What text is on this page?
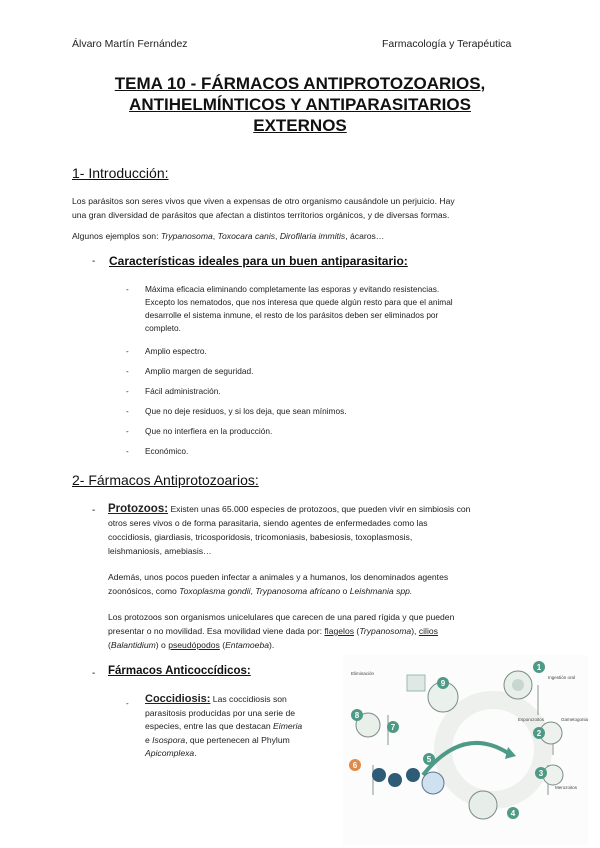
Álvaro Martín Fernández	Farmacología y Terapéutica
TEMA 10 - FÁRMACOS ANTIPROTOZOARIOS,
ANTIHELMÍNTICOS Y ANTIPARASITARIOS
EXTERNOS
1- Introducción:
Los parásitos son seres vivos que viven a expensas de otro organismo causándole un perjuicio. Hay
una gran diversidad de parásitos que afectan a distintos territorios orgánicos, y de diversas formas.
Algunos ejemplos son: Trypanosoma, Toxocara canis, Dirofilaria immitis, ácaros…
- Características ideales para un buen antiparasitario:
- Máxima eficacia eliminando completamente las esporas y evitando resistencias.
Excepto los nematodos, que nos interesa que quede algún resto para que el animal
desarrolle el sistema inmune, el resto de los parásitos deben ser eliminados por
completo.
- Amplio espectro.
- Amplio margen de seguridad.
- Fácil administración.
- Que no deje residuos, y si los deja, que sean mínimos.
- Que no interfiera en la producción.
- Económico.
2- Fármacos Antiprotozoarios:
- Protozoos: Existen unas 65.000 especies de protozoos, que pueden vivir en simbiosis con
otros seres vivos o de forma parasitaria, siendo agentes de enfermedades como las
coccidiosis, giardiasis, tricosporidosis, tricomoniasis, babesiosis, toxoplasmosis,
leishmaniosis, amebiasis…
Además, unos pocos pueden infectar a animales y a humanos, los denominados agentes
zoonósicos, como Toxoplasma gondii, Trypanosoma africano o Leishmania spp.
Los protozoos son organismos unicelulares que carecen de una pared rígida y que pueden
presentar o no movilidad. Esa movilidad viene dada por: flagelos (Trypanosoma), cilios
(Balantidium) o pseudópodos (Entamoeba).
- Fármacos Anticoccídicos:
- Coccidiosis: Las coccidiosis son
parasitosis producidas por una serie de
especies, entre las que destacan Eimeria
e Isospora, que pertenecen al Phylum
Apicomplexa.
1
2
3
4
5
6
7
8
9
Ingestión oral
Esporozoitos
Merozoitos
Eliminación
Gametogonia
